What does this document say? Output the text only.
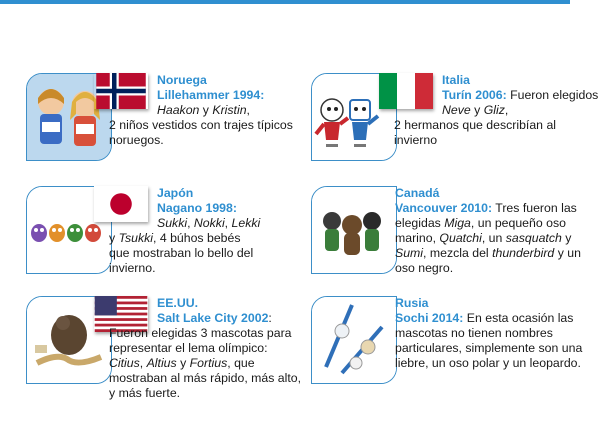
Noruega
Lillehammer 1994:
Haakon y Kristin,
2 niños vestidos con trajes típicos noruegos.
Italia
Turín 2006: Fueron elegidos
Neve y Gliz,
2 hermanos que describían al invierno
Japón
Nagano 1998:
Sukki, Nokki, Lekki
y Tsukki, 4 búhos bebés
que mostraban lo bello del invierno.
Canadá
Vancouver 2010: Tres fueron las elegidas Miga, un pequeño oso marino, Quatchi, un sasquatch y Sumi, mezcla del thunderbird y un oso negro.
EE.UU.
Salt Lake City 2002:
Fueron elegidas 3 mascotas para representar el lema olímpico: Citius, Altius y Fortius, que mostraban al más rápido, más alto, y más fuerte.
Rusia
Sochi 2014: En esta ocasión las mascotas no tienen nombres particulares, simplemente son una liebre, un oso polar y un leopardo.
